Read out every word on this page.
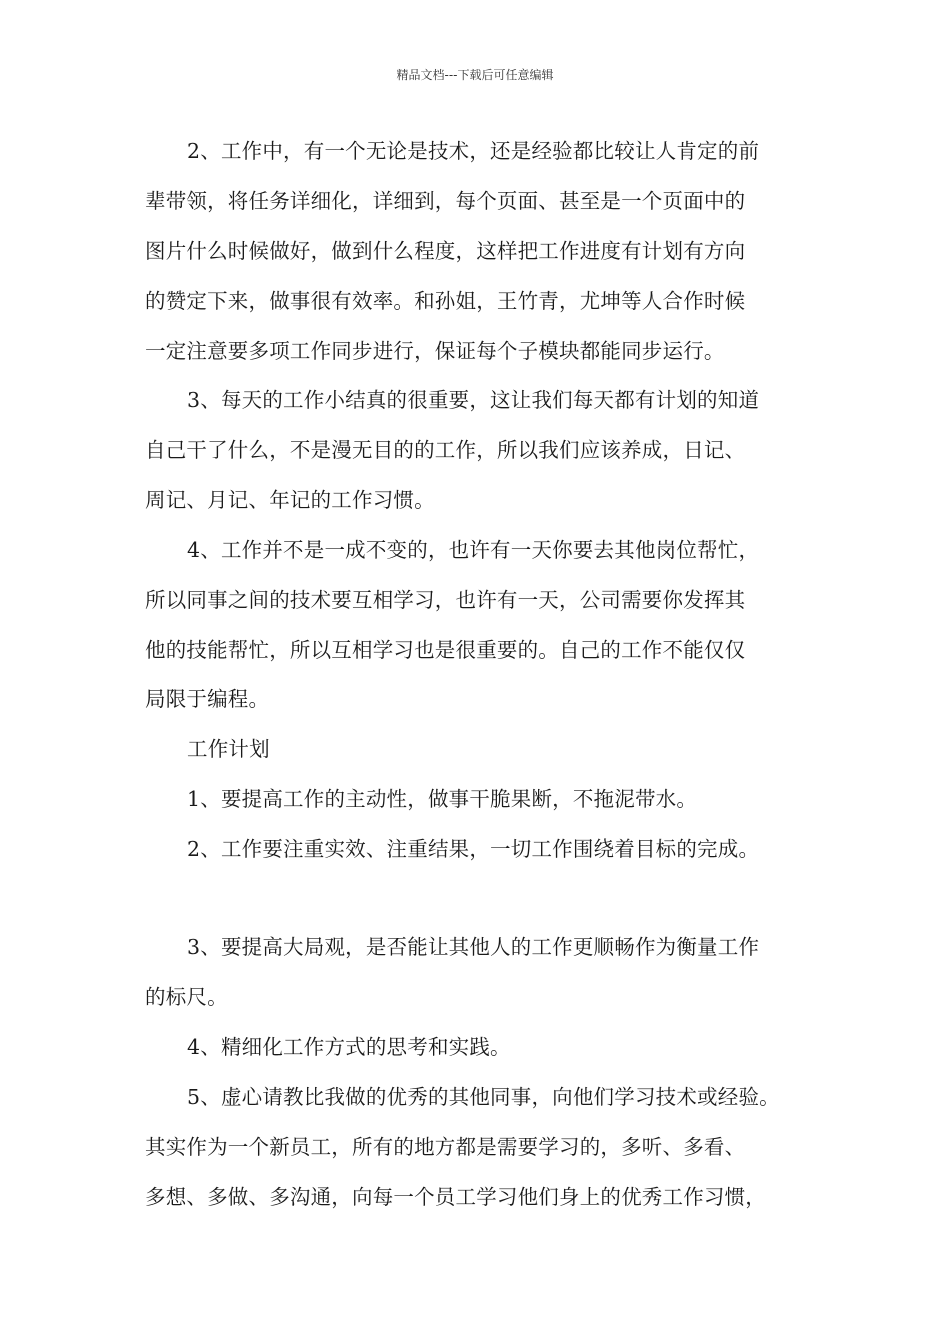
精品文档---下载后可任意编辑
2、工作中，有一个无论是技术，还是经验都比较让人肯定的前
辈带领，将任务详细化，详细到，每个页面、甚至是一个页面中的
图片什么时候做好，做到什么程度，这样把工作进度有计划有方向
的赞定下来，做事很有效率。和孙姐，王竹青，尤坤等人合作时候
一定注意要多项工作同步进行，保证每个子模块都能同步运行。
3、每天的工作小结真的很重要，这让我们每天都有计划的知道
自己干了什么，不是漫无目的的工作，所以我们应该养成，日记、
周记、月记、年记的工作习惯。
4、工作并不是一成不变的，也许有一天你要去其他岗位帮忙，
所以同事之间的技术要互相学习，也许有一天，公司需要你发挥其
他的技能帮忙，所以互相学习也是很重要的。自己的工作不能仅仅
局限于编程。
工作计划
1、要提高工作的主动性，做事干脆果断，不拖泥带水。
2、工作要注重实效、注重结果，一切工作围绕着目标的完成。
3、要提高大局观，是否能让其他人的工作更顺畅作为衡量工作
的标尺。
4、精细化工作方式的思考和实践。
5、虚心请教比我做的优秀的其他同事，向他们学习技术或经验。
其实作为一个新员工，所有的地方都是需要学习的，多听、多看、
多想、多做、多沟通，向每一个员工学习他们身上的优秀工作习惯，
